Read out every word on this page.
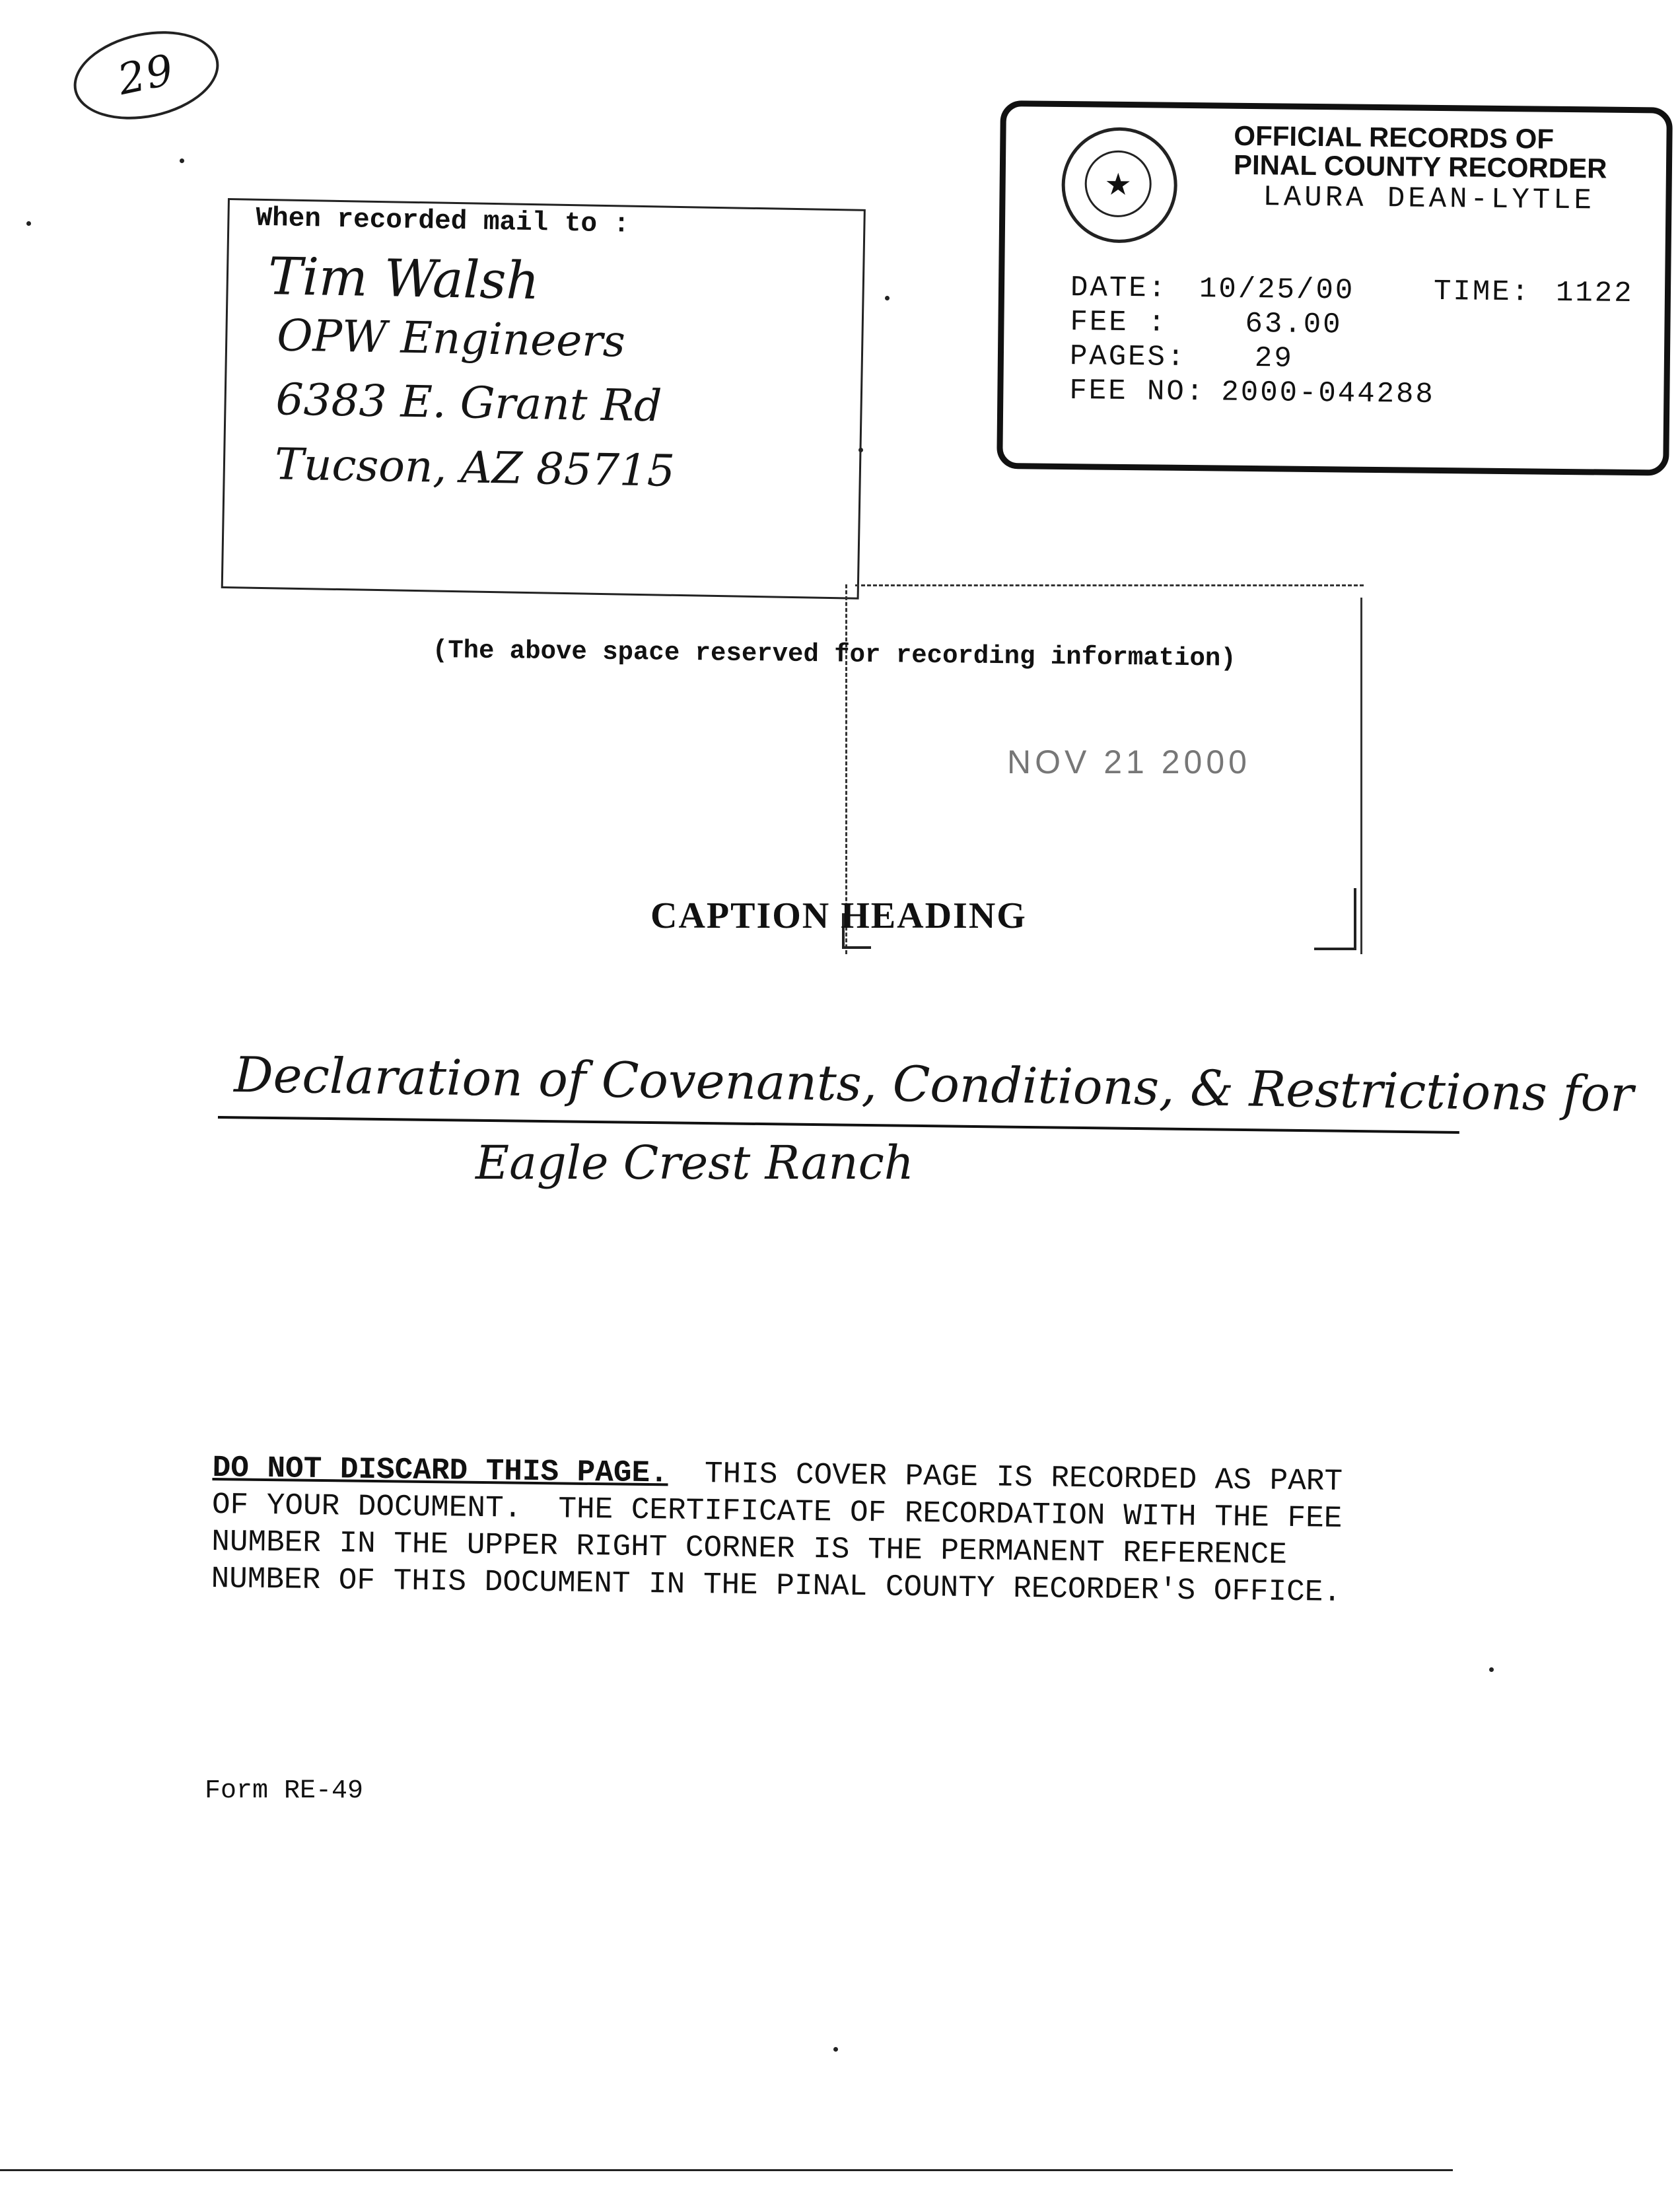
29
When recorded mail to :
Tim Walsh
OPW Engineers
6383 E. Grant Rd
Tucson, AZ 85715
★
OFFICIAL RECORDS OF
PINAL COUNTY RECORDER
LAURA DEAN-LYTLE
DATE: 10/25/00	TIME: 1122
FEE :	63.00
PAGES: 29
FEE NO: 2000-044288
NOV 21 2000
(The above space reserved for recording information)
CAPTION HEADING
Declaration of Covenants, Conditions, & Restrictions for
Eagle Crest Ranch
DO NOT DISCARD THIS PAGE.  THIS COVER PAGE IS RECORDED AS PART
OF YOUR DOCUMENT.  THE CERTIFICATE OF RECORDATION WITH THE FEE
NUMBER IN THE UPPER RIGHT CORNER IS THE PERMANENT REFERENCE
NUMBER OF THIS DOCUMENT IN THE PINAL COUNTY RECORDER'S OFFICE.
Form RE-49
